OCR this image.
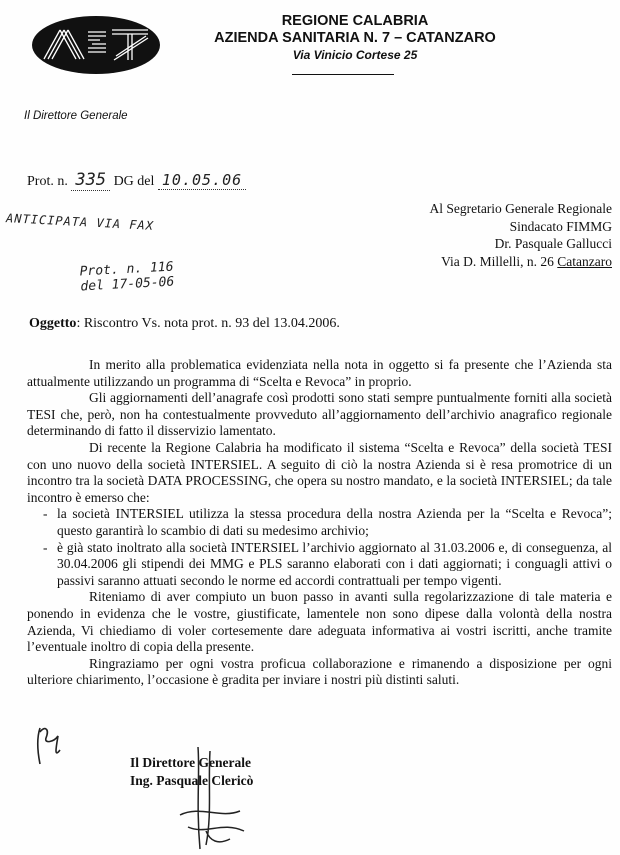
REGIONE CALABRIA
AZIENDA SANITARIA N. 7 – CATANZARO
Via Vinicio Cortese 25
Il Direttore Generale
Prot. n. 335 DG del 10.05.06
ANTICIPATA VIA FAX
Prot. n. 116
del 17-05-06
Al Segretario Generale Regionale
Sindacato FIMMG
Dr. Pasquale Gallucci
Via D. Millelli, n. 26 Catanzaro
Oggetto: Riscontro Vs. nota prot. n. 93 del 13.04.2006.

In merito alla problematica evidenziata nella nota in oggetto si fa presente che l’Azienda sta attualmente utilizzando un programma di “Scelta e Revoca” in proprio.

Gli aggiornamenti dell’anagrafe così prodotti sono stati sempre puntualmente forniti alla società TESI che, però, non ha contestualmente provveduto all’aggiornamento dell’archivio anagrafico regionale determinando di fatto il disservizio lamentato.

Di recente la Regione Calabria ha modificato il sistema “Scelta e Revoca” della società TESI con uno nuovo della società INTERSIEL. A seguito di ciò la nostra Azienda si è resa promotrice di un incontro tra la società DATA PROCESSING, che opera su nostro mandato, e la società INTERSIEL; da tale incontro è emerso che:

- la società INTERSIEL utilizza la stessa procedura della nostra Azienda per la “Scelta e Revoca”; questo garantirà lo scambio di dati su medesimo archivio;
- è già stato inoltrato alla società INTERSIEL l’archivio aggiornato al 31.03.2006 e, di conseguenza, al 30.04.2006 gli stipendi dei MMG e PLS saranno elaborati con i dati aggiornati; i conguagli attivi o passivi saranno attuati secondo le norme ed accordi contrattuali per tempo vigenti.

Riteniamo di aver compiuto un buon passo in avanti sulla regolarizzazione di tale materia e ponendo in evidenza che le vostre, giustificate, lamentele non sono dipese dalla volontà della nostra Azienda, Vi chiediamo di voler cortesemente dare adeguata informativa ai vostri iscritti, anche tramite l’eventuale inoltro di copia della presente.

Ringraziamo per ogni vostra proficua collaborazione e rimanendo a disposizione per ogni ulteriore chiarimento, l’occasione è gradita per inviare i nostri più distinti saluti.

Il Direttore Generale
Ing. Pasquale Clericò
